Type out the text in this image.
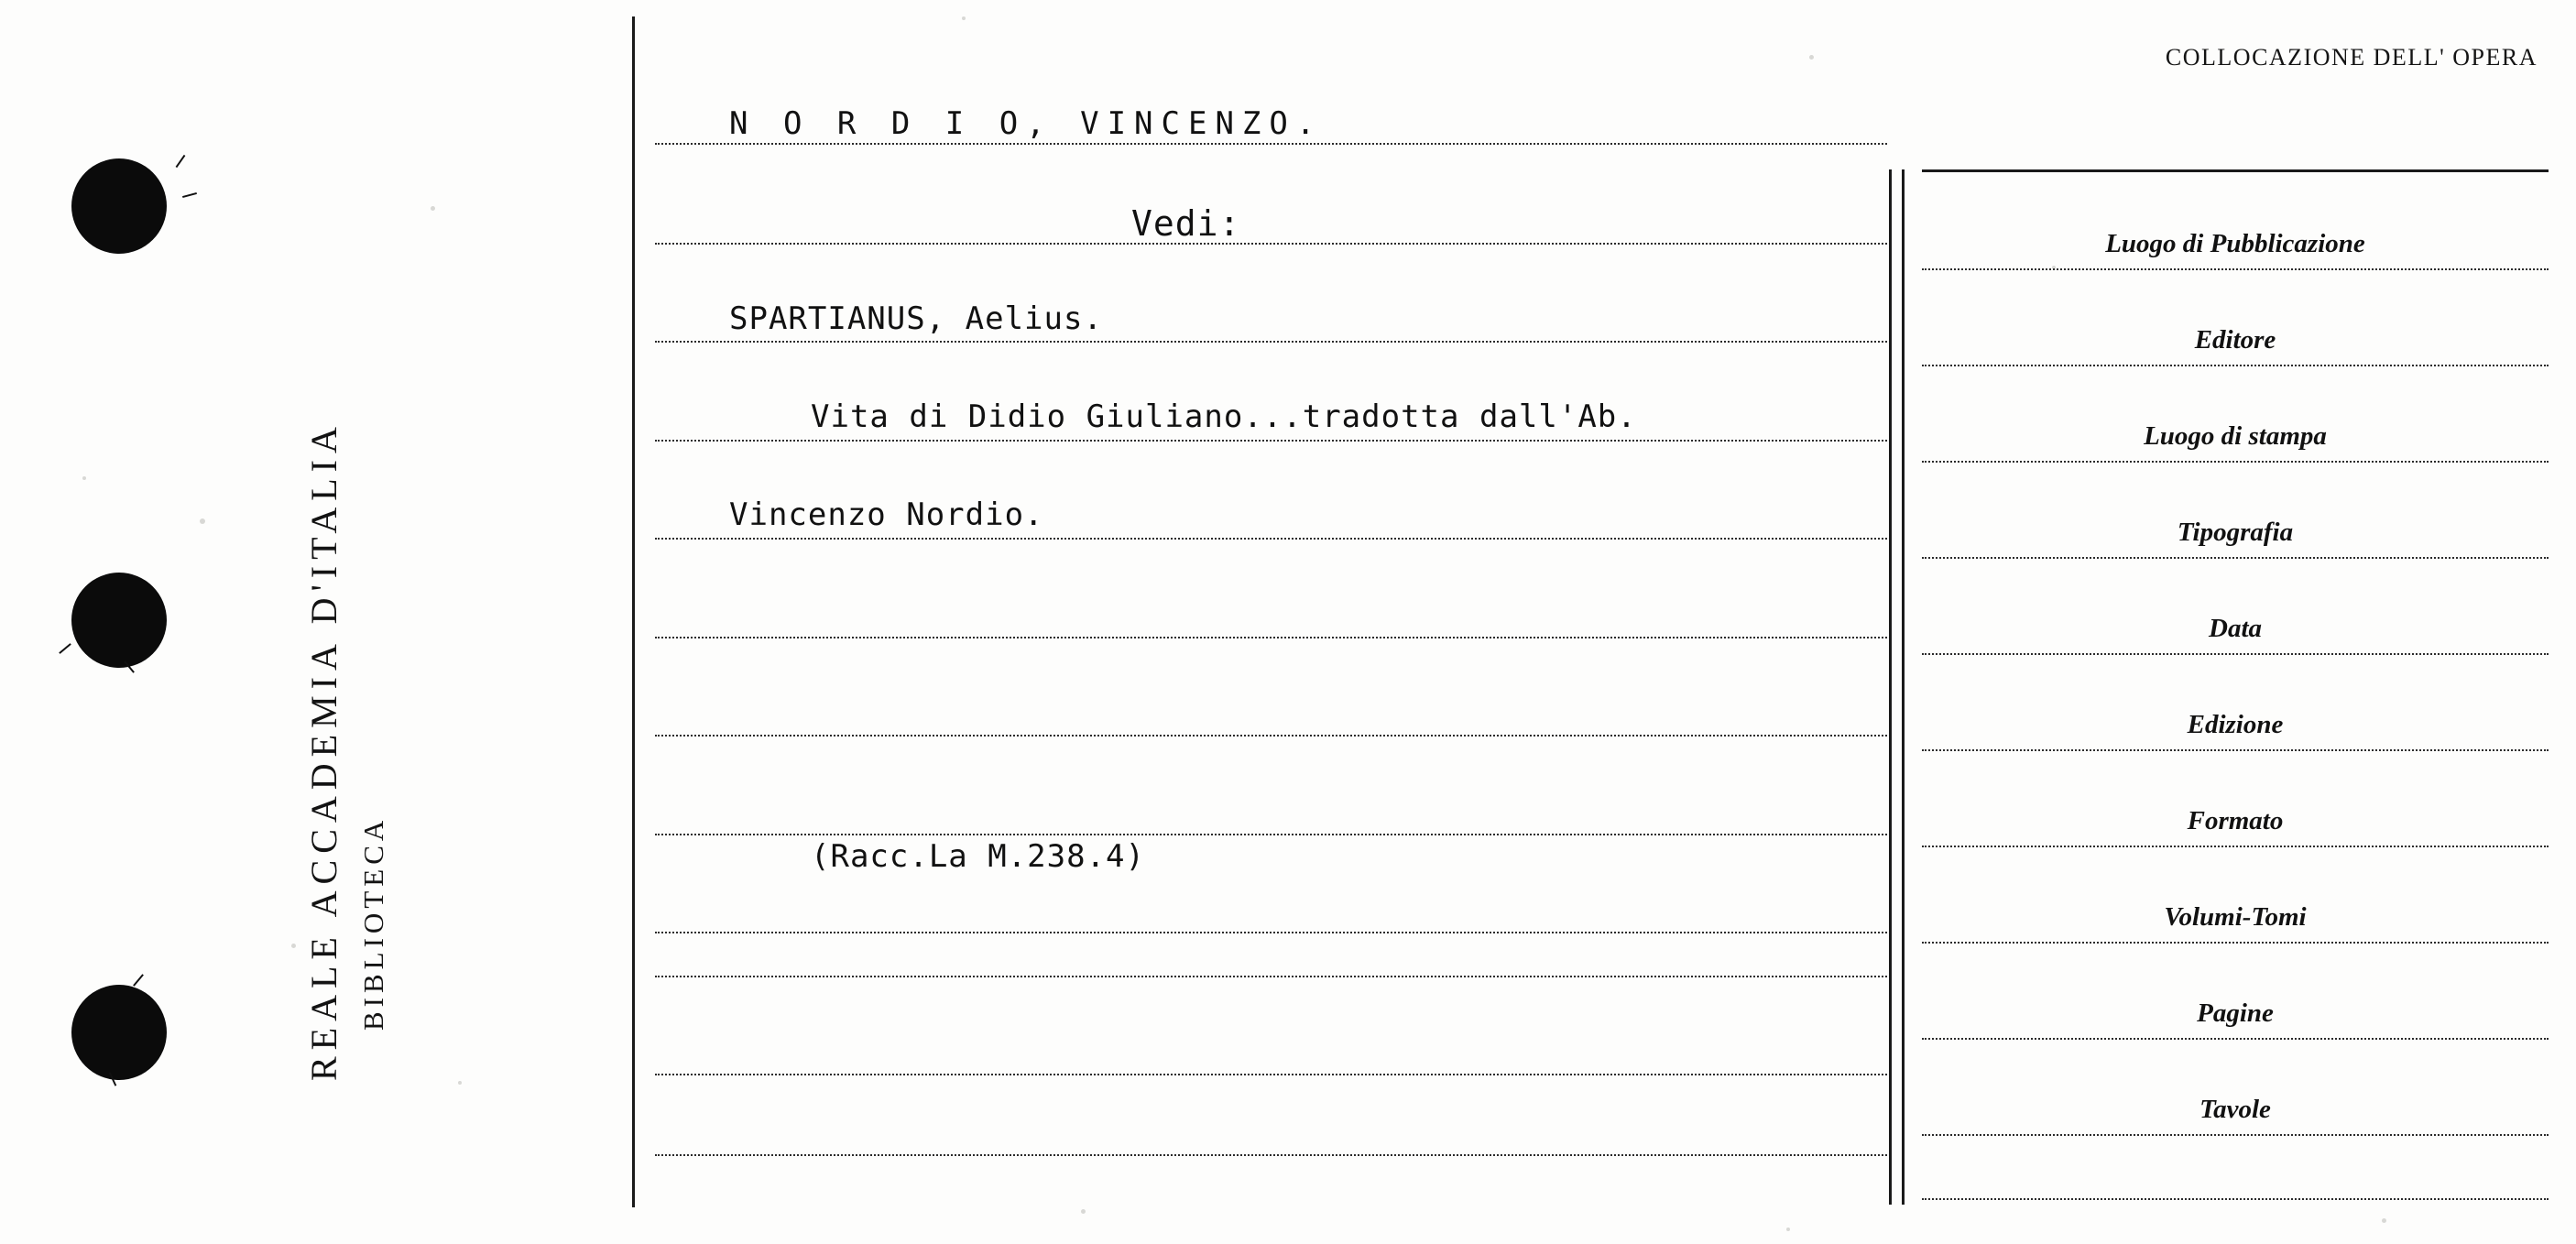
REALE ACCADEMIA D'ITALIA BIBLIOTECA
COLLOCAZIONE DELL' OPERA
N O R D I O, VINCENZO.
Vedi:
SPARTIANUS, Aelius.
Vita di Didio Giuliano...tradotta dall'Ab.
Vincenzo Nordio.
(Racc.La M.238.4)
Luogo di Pubblicazione
Editore
Luogo di stampa
Tipografia
Data
Edizione
Formato
Volumi-Tomi
Pagine
Tavole
